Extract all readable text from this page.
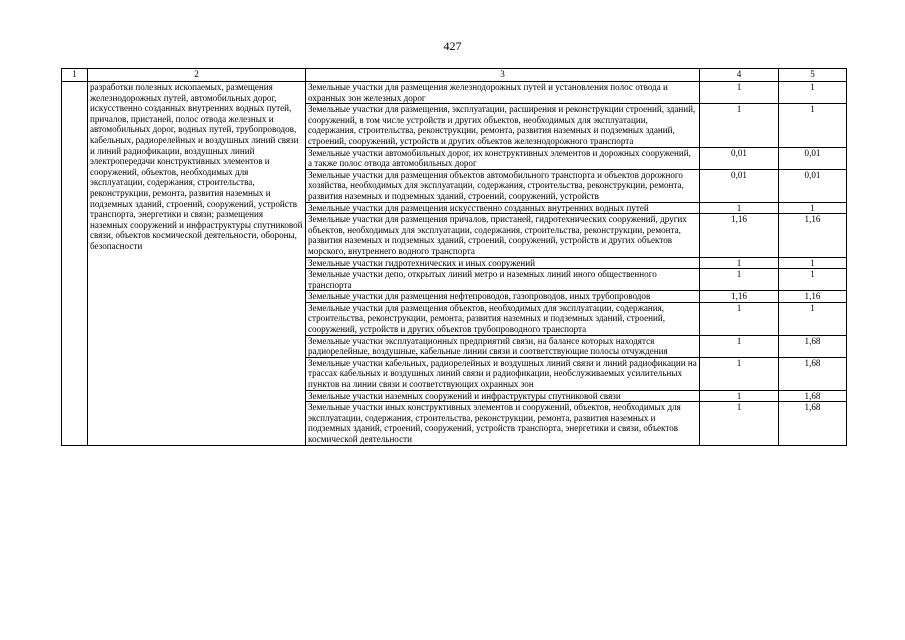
427
1	2	3	4	5
	разработки полезных ископаемых, размещения железнодорожных путей, автомобильных дорог, искусственно созданных внутренних водных путей, причалов, пристаней, полос отвода железных и автомобильных дорог, водных путей, трубопроводов, кабельных, радиорелейных и воздушных линий связи и линий радиофикации, воздушных линий электропередачи конструктивных элементов и сооружений, объектов, необходимых для эксплуатации, содержания, строительства, реконструкции, ремонта, развития наземных и подземных зданий, строений, сооружений, устройств транспорта, энергетики и связи; размещения наземных сооружений и инфраструктуры спутниковой связи, объектов космической деятельности, обороны, безопасности	Земельные участки для размещения железнодорожных путей и установления полос отвода и охранных зон железных дорог	1	1
		Земельные участки для размещения, эксплуатации, расширения и реконструкции строений, зданий, сооружений, в том числе устройств и других объектов, необходимых для эксплуатации, содержания, строительства, реконструкции, ремонта, развития наземных и подземных зданий, строений, сооружений, устройств и других объектов железнодорожного транспорта	1	1
		Земельные участки автомобильных дорог, их конструктивных элементов и дорожных сооружений, а также полос отвода автомобильных дорог	0,01	0,01
		Земельные участки для размещения объектов автомобильного транспорта и объектов дорожного хозяйства, необходимых для эксплуатации, содержания, строительства, реконструкции, ремонта, развития наземных и подземных зданий, строений, сооружений, устройств	0,01	0,01
		Земельные участки для размещения искусственно созданных внутренних водных путей	1	1
		Земельные участки для размещения причалов, пристаней, гидротехнических сооружений, других объектов, необходимых для эксплуатации, содержания, строительства, реконструкции, ремонта, развития наземных и подземных зданий, строений, сооружений, устройств и других объектов морского, внутреннего водного транспорта	1,16	1,16
		Земельные участки гидротехнических и иных сооружений	1	1
		Земельные участки депо, открытых линий метро и наземных линий иного общественного транспорта	1	1
		Земельные участки для размещения нефтепроводов, газопроводов, иных трубопроводов	1,16	1,16
		Земельные участки для размещения объектов, необходимых для эксплуатации, содержания, строительства, реконструкции, ремонта, развития наземных и подземных зданий, строений, сооружений, устройств и других объектов трубопроводного транспорта	1	1
		Земельные участки эксплуатационных предприятий связи, на балансе которых находятся радиорелейные, воздушные, кабельные линии связи и соответствующие полосы отчуждения	1	1,68
		Земельные участки кабельных, радиорелейных и воздушных линий связи и линий радиофикации на трассах кабельных и воздушных линий связи и радиофикации, необслуживаемых усилительных пунктов на линии связи и соответствующих охранных зон	1	1,68
		Земельные участки наземных сооружений и инфраструктуры спутниковой связи	1	1,68
		Земельные участки иных конструктивных элементов и сооружений, объектов, необходимых для эксплуатации, содержания, строительства, реконструкции, ремонта, развития наземных и подземных зданий, строений, сооружений, устройств транспорта, энергетики и связи, объектов космической деятельности	1	1,68
